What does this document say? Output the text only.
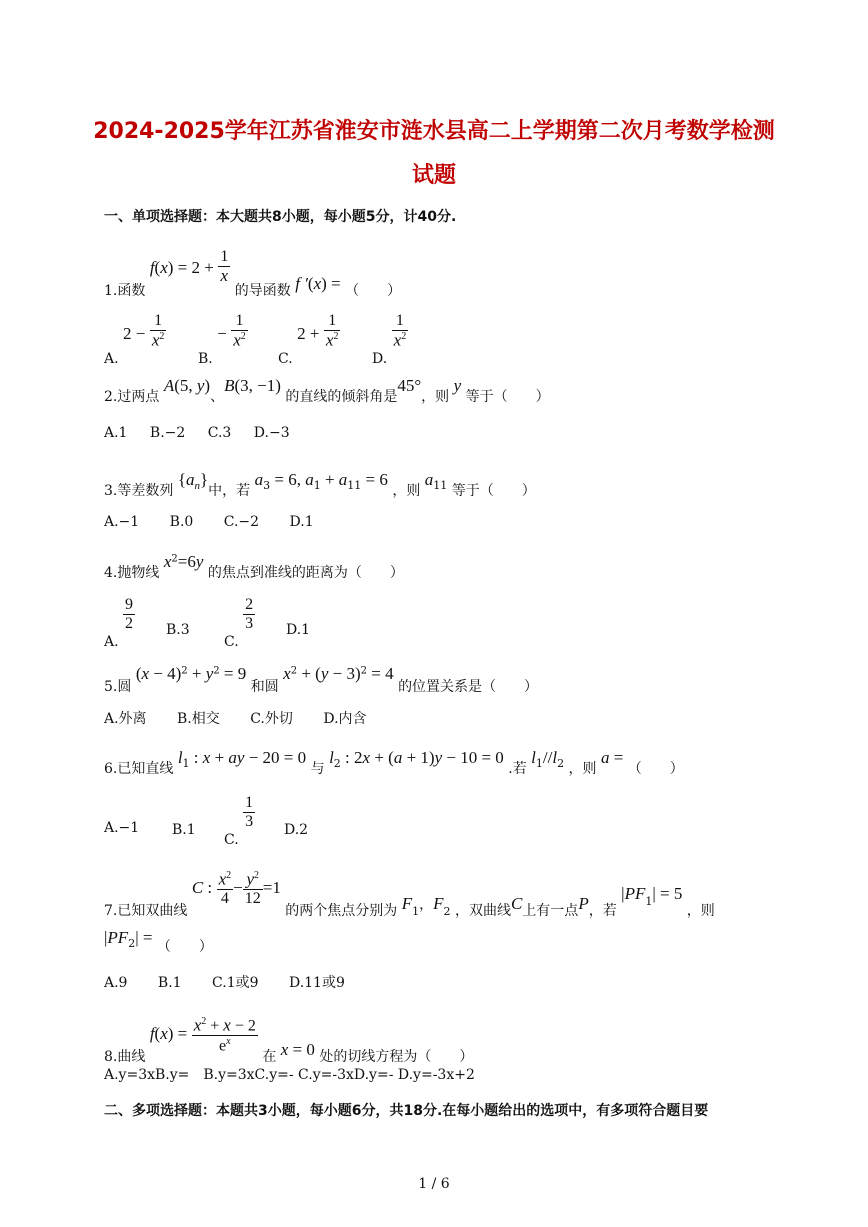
2024-2025学年江苏省淮安市涟水县高二上学期第二次月考数学检测
试题
一、单项选择题：本大题共8小题，每小题5分，计40分.
1.函数 $f(x) = 2 + \frac{1}{x}$
的导函数 f ′(x) = （　　）
A. $2 - \frac{1}{x^2}$
B. − $\frac{1}{x^2}$
C. $2 + \frac{1}{x^2}$
D.
$\frac{1}{x^2}$
2.过两点 A(5, y)、B(3, −1) 的直线的倾斜角是45°，则 y 等于（　　）
A.1 B.−2 C.3 D.−3
3.等差数列 $\{a_n\}$中，若 $a_3 = 6$, $a_1 + a_{11} = 6$ ，则 $a_{11}$ 等于（　　）
A.−1 B.0 C.−2 D.1
4.抛物线 $x^2=6y$ 的焦点到准线的距离为（　　）
A.
$\frac{9}{2} B.3$
C.
$\frac{2}{3} D.1$
5.圆 $(x - 4)^2 + y^2 = 9$ 和圆 $x^2 + (y - 3)^2 = 4$ 的位置关系是（　　）
A.外离 B.相交 C.外切 D.内含
6.已知直线 $l_1$ : x + ay − 20 = 0 与 $l_2$ : 2x + (a + 1)y − 10 = 0 .若 $l_1//l_2$ ，则 a = （　　）
A.−1 B.1
C.
$\frac{1}{3} D.2$
7.已知双曲线 C : $\frac{x^2}{4} - \frac{y^2}{12} =1$ 的两个焦点分别为 $F_1$，$F_2$ ，双曲线C上有一点P，若 $|PF_1| = 5$ ，则
$|PF_2|$ = （　　）
A.9 B.1 C.1或9 D.11或9
8.曲线 $f(x) = \frac{x^2 + x - 2}{e^x}$
在 x = 0 处的切线方程为（　　）
A.y=3xB.y=　B.y=3xC.y=- C.y=-3xD.y=- D.y=-3x+2
二、多项选择题：本题共3小题，每小题6分，共18分.在每小题给出的选项中，有多项符合题目要
1 / 6
